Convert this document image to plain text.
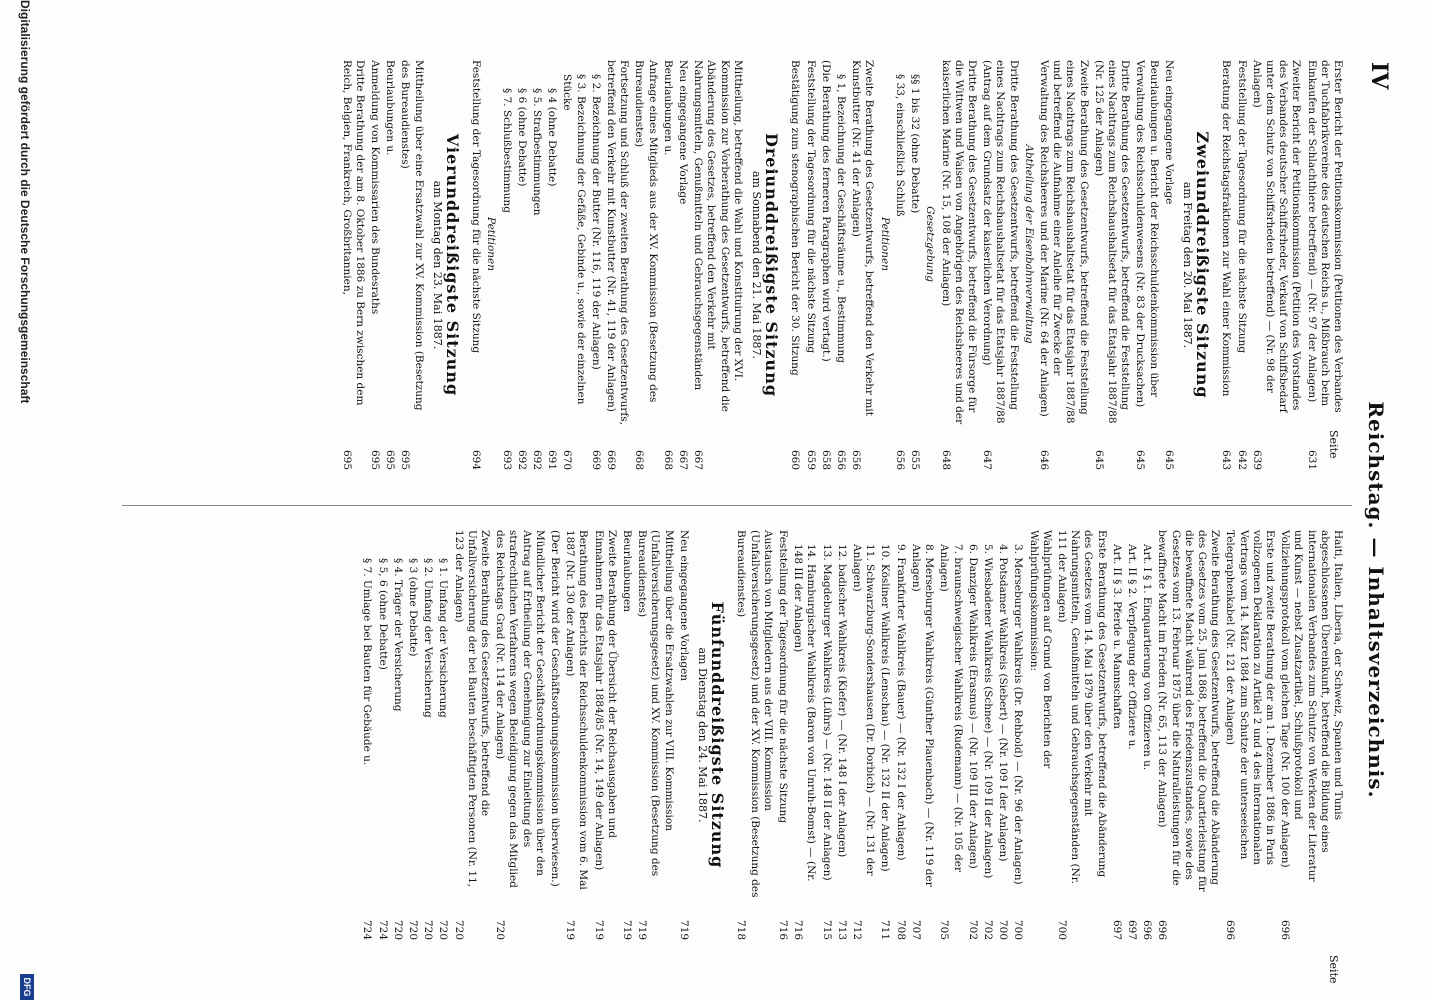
IV
Reichstag. — Inhaltsverzeichnis.
Seite
Seite
Erster Bericht der Petitionskommission (Petitionen des Verbandes der Tuchfabrikvereine des deutschen Reichs u., Mißbrauch beim Einkaufen der Schlachthiere betreffend) — (Nr. 97 der Anlagen)
631
Zweiter Bericht der Petitionskommission (Petition des Vorstandes des Verbandes deutscher Schiffsrheder, Verkauf von Schiffsbedarf unter dem Schutz von Schiffsrheden betreffend) — (Nr. 98 der Anlagen)
639
Feststellung der Tagesordnung für die nächste Sitzung
642
Beratung der Reichstagsfraktionen zur Wahl einer Kommission
643
Zweiunddreißigste Sitzung
am Freitag den 20. Mai 1887.
Neu eingegangene Vorlage
645
Beurlaubungen u. Bericht der Reichsschuldenkommission über Verwaltung des Reichsschuldenwesens (Nr. 83 der Drucksachen)
645
Dritte Berathung des Gesetzentwurfs, betreffend die Feststellung eines Nachtrags zum Reichshaushaltsetat für das Etatsjahr 1887/88 (Nr. 125 der Anlagen)
645
Zweite Berathung des Gesetzentwurfs, betreffend die Feststellung eines Nachtrags zum Reichshaushaltsetat für das Etatsjahr 1887/88 und betreffend die Aufnahme einer Anleihe für Zwecke der Verwaltung des Reichsheeres und der Marine (Nr. 64 der Anlagen)
646
Abtheilung der Eisenbahnverwaltung
Dritte Berathung des Gesetzentwurfs, betreffend die Feststellung eines Nachtrags zum Reichshaushaltsetat für das Etatsjahr 1887/88 (Antrag auf dem Grundsatz der kaiserlichen Verordnung)
647
Dritte Berathung des Gesetzentwurfs, betreffend die Fürsorge für die Wittwen und Waisen von Angehörigen des Reichsheeres und der kaiserlichen Marine (Nr. 15, 108 der Anlagen)
648
Gesetzgebung
§§ 1 bis 32 (ohne Debatte)
655
§ 33, einschließlich Schluß
656
Petitionen
Zweite Berathung des Gesetzentwurfs, betreffend den Verkehr mit Kunstbutter (Nr. 41 der Anlagen)
656
§ 1, Bezeichnung der Geschäftsräume u., Bestimmung
656
(Die Berathung des ferneren Paragraphen wird vertagt.)
658
Feststellung der Tagesordnung für die nächste Sitzung
659
Bestätigung zum stenographischen Bericht der 30. Sitzung
660
Dreiunddreißigste Sitzung
am Sonnabend den 21. Mai 1887.
Mittheilung, betreffend die Wahl und Konstituirung der XVI. Kommission zur Vorberathung des Gesetzentwurfs, betreffend die Abänderung des Gesetzes, betreffend den Verkehr mit Nahrungsmitteln, Genußmitteln und Gebrauchsgegenständen
667
Neu eingegangene Vorlage
667
Beurlaubungen u.
668
Anfrage eines Mitglieds aus der XV. Kommission (Besetzung des Bureaudienstes)
668
Fortsetzung und Schluß der zweiten Berathung des Gesetzentwurfs, betreffend den Verkehr mit Kunstbutter (Nr. 41, 119 der Anlagen)
669
§ 2. Bezeichnung der Butter (Nr. 116, 119 der Anlagen)
669
§ 3. Bezeichnung der Gefäße, Gebinde u., sowie der einzelnen Stücke
670
§ 4 (ohne Debatte)
691
§ 5. Strafbestimmungen
692
§ 6 (ohne Debatte)
692
§ 7. Schlußbestimmung
693
Petitionen
Feststellung der Tagesordnung für die nächste Sitzung
694
Vierunddreißigste Sitzung
am Montag den 23. Mai 1887.
Mittheilung über eine Ersatzwahl zur XV. Kommission (Besetzung des Bureaudienstes)
695
Beurlaubungen u.
695
Anmeldung von Kommissarien des Bundesraths
695
Dritte Berathung der am 8. Oktober 1886 zu Bern zwischen dem Reich, Belgien, Frankreich, Großbritannien,
695
Haiti, Italien, Liberia, der Schweiz, Spanien und Tunis abgeschlossenen Übereinkunft, betreffend die Bildung eines internationalen Verbandes zum Schutze von Werken der Literatur und Kunst — nebst Zusatzartikel, Schlußprotokoll und Vollziehungsprotokoll vom gleichen Tage (Nr. 100 der Anlagen)
696
Erste und zweite Berathung der am 1. Dezember 1886 in Paris vollzogenen Deklaration zu Artikel 2 und 4 des internationalen Vertrags vom 14. März 1884 zum Schutze der unterseeischen Telegraphenkabel (Nr. 121 der Anlagen)
696
Zweite Berathung des Gesetzentwurfs, betreffend die Abänderung des Gesetzes vom 25. Juni 1868, betreffend die Quartierleistung für die bewaffnete Macht während des Friedenszustandes, sowie des Gesetzes vom 13. Februar 1875 über die Naturalleistungen für die bewaffnete Macht im Frieden (Nr. 65, 113 der Anlagen)
696
Art. I § 1. Einquartierung von Offizieren u.
696
Art. II § 2. Verpflegung der Offiziere u.
697
Art. II § 3. Pferde u. Mannschaften
697
Erste Berathung des Gesetzentwurfs, betreffend die Abänderung des Gesetzes vom 14. Mai 1879 über den Verkehr mit Nahrungsmitteln, Genußmitteln und Gebrauchsgegenständen (Nr. 111 der Anlagen)
700
Wahlprüfungen auf Grund von Berichten der Wahlprüfungskommission:
3. Merseburger Wahlkreis (Dr. Rehbold) — (Nr. 96 der Anlagen)
700
4. Potsdamer Wahlkreis (Siebert) — (Nr. 109 I der Anlagen)
700
5. Wiesbadener Wahlkreis (Schnee) — (Nr. 109 II der Anlagen)
702
6. Danziger Wahlkreis (Erasmus) — (Nr. 109 III der Anlagen)
702
7. braunschweigischer Wahlkreis (Rudemann) — (Nr. 105 der Anlagen)
705
8. Merseburger Wahlkreis (Günther Plauenbach) — (Nr. 119 der Anlagen)
707
9. Frankfurter Wahlkreis (Bauer) — (Nr. 132 I der Anlagen)
708
10. Kösliner Wahlkreis (Lenschau) — (Nr. 132 II der Anlagen)
711
11. Schwarzburg-Sondershausen (Dr. Dorbich) — (Nr. 131 der Anlagen)
712
12. badischer Wahlkreis (Kiefer) — (Nr. 148 I der Anlagen)
713
13. Magdeburger Wahlkreis (Lührs) — (Nr. 148 II der Anlagen)
715
14. Hamburgischer Wahlkreis (Baron von Unruh-Bomst) — (Nr. 148 III der Anlagen)
716
Feststellung der Tagesordnung für die nächste Sitzung
716
Austausch von Mitgliedern aus der VIII. Kommission (Unfallversicherungsgesetz) und der XV. Kommission (Besetzung des Bureaudienstes)
718
Fünfunddreißigste Sitzung
am Dienstag den 24. Mai 1887.
Neu eingegangene Vorlagen
719
Mittheilung über die Ersatzwahlen zur VIII. Kommission (Unfallversicherungsgesetz) und XV. Kommission (Besetzung des Bureaudienstes)
719
Beurlaubungen
719
Zweite Berathung der Übersicht der Reichsausgaben und Einnahmen für das Etatsjahr 1884/85 (Nr. 14, 149 der Anlagen)
719
Berathung des Berichts der Reichsschuldenkommission vom 6. Mai 1887 (Nr. 130 der Anlagen)
719
(Der Bericht wird der Geschäftsordnungskommission überwiesen.)
Mündlicher Bericht der Geschäftsordnungskommission über den Antrag auf Ertheilung der Genehmigung zur Einleitung des strafrechtlichen Verfahrens wegen Beleidigung gegen das Mitglied des Reichstags Grad (Nr. 114 der Anlagen)
720
Zweite Berathung des Gesetzentwurfs, betreffend die Unfallversicherung der bei Bauten beschäftigten Personen (Nr. 11, 123 der Anlagen)
720
§ 1. Umfang der Versicherung
720
§ 2. Umfang der Versicherung
720
§ 3 (ohne Debatte)
720
§ 4. Träger der Versicherung
720
§ 5, 6 (ohne Debatte)
724
§ 7. Umlage bei Bauten für Gebäude u.
724
Digitalisierung gefördert durch die Deutsche Forschungsgemeinschaft
DFG
